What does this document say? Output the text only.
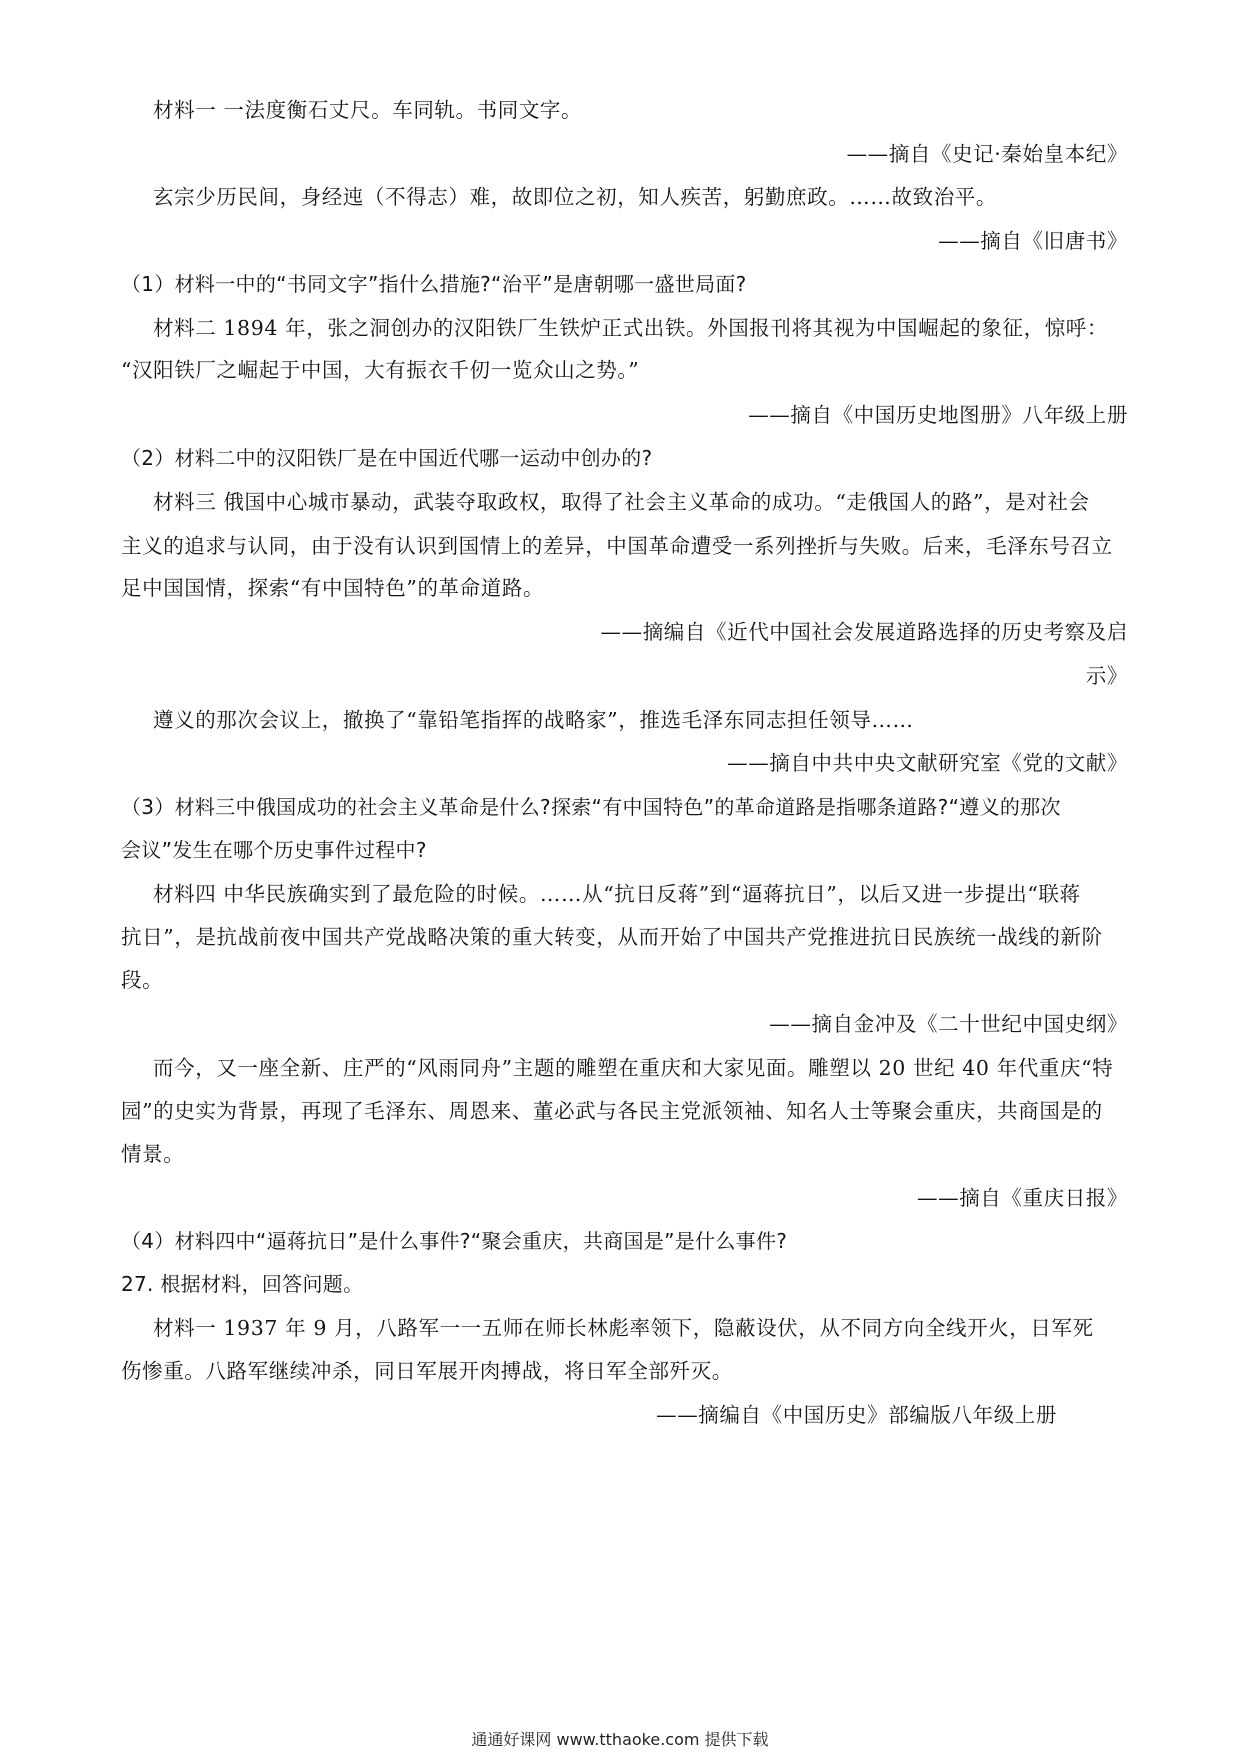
材料一 一法度衡石丈尺。车同轨。书同文字。

——摘自《史记·秦始皇本纪》

玄宗少历民间，身经迍（不得志）难，故即位之初，知人疾苦，躬勤庶政。……故致治平。

——摘自《旧唐书》

（1）材料一中的“书同文字”指什么措施?“治平”是唐朝哪一盛世局面?

材料二 1894 年，张之洞创办的汉阳铁厂生铁炉正式出铁。外国报刊将其视为中国崛起的象征，惊呼：

“汉阳铁厂之崛起于中国，大有振衣千仞一览众山之势。”

——摘自《中国历史地图册》八年级上册

（2）材料二中的汉阳铁厂是在中国近代哪一运动中创办的?

材料三 俄国中心城市暴动，武装夺取政权，取得了社会主义革命的成功。“走俄国人的路”，是对社会

主义的追求与认同，由于没有认识到国情上的差异，中国革命遭受一系列挫折与失败。后来，毛泽东号召立

足中国国情，探索“有中国特色”的革命道路。

——摘编自《近代中国社会发展道路选择的历史考察及启

示》

遵义的那次会议上，撤换了“靠铅笔指挥的战略家”，推选毛泽东同志担任领导……

——摘自中共中央文献研究室《党的文献》

（3）材料三中俄国成功的社会主义革命是什么?探索“有中国特色”的革命道路是指哪条道路?“遵义的那次

会议”发生在哪个历史事件过程中?

材料四 中华民族确实到了最危险的时候。……从“抗日反蒋”到“逼蒋抗日”，以后又进一步提出“联蒋

抗日”，是抗战前夜中国共产党战略决策的重大转变，从而开始了中国共产党推进抗日民族统一战线的新阶

段。

——摘自金冲及《二十世纪中国史纲》

而今，又一座全新、庄严的“风雨同舟”主题的雕塑在重庆和大家见面。雕塑以 20 世纪 40 年代重庆“特

园”的史实为背景，再现了毛泽东、周恩来、董必武与各民主党派领袖、知名人士等聚会重庆，共商国是的

情景。

——摘自《重庆日报》

（4）材料四中“逼蒋抗日”是什么事件?“聚会重庆，共商国是”是什么事件?

27. 根据材料，回答问题。

材料一 1937 年 9 月，八路军一一五师在师长林彪率领下，隐蔽设伏，从不同方向全线开火，日军死

伤惨重。八路军继续冲杀，同日军展开肉搏战，将日军全部歼灭。

——摘编自《中国历史》部编版八年级上册

通通好课网 www.tthaoke.com 提供下载
